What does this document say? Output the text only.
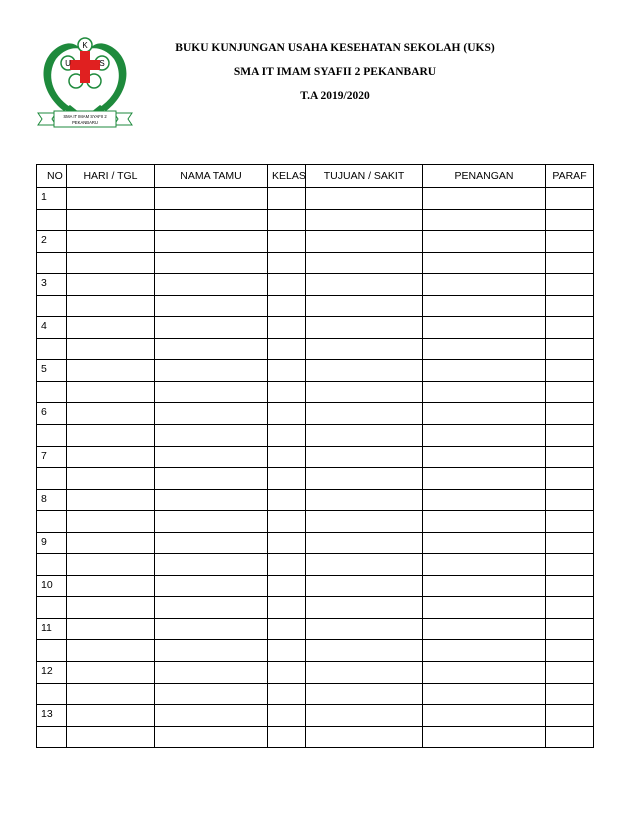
K
U	S
SMA IT IMAM SYAFII 2
PEKANBARU
BUKU KUNJUNGAN USAHA KESEHATAN SEKOLAH (UKS)
SMA IT IMAM SYAFII 2 PEKANBARU
T.A 2019/2020
NO	HARI / TGL	NAMA TAMU	KELAS	TUJUAN / SAKIT	PENANGAN	PARAF
1						

2						

3						

4						

5						

6						

7						

8						

9						

10						

11						

12						

13						
